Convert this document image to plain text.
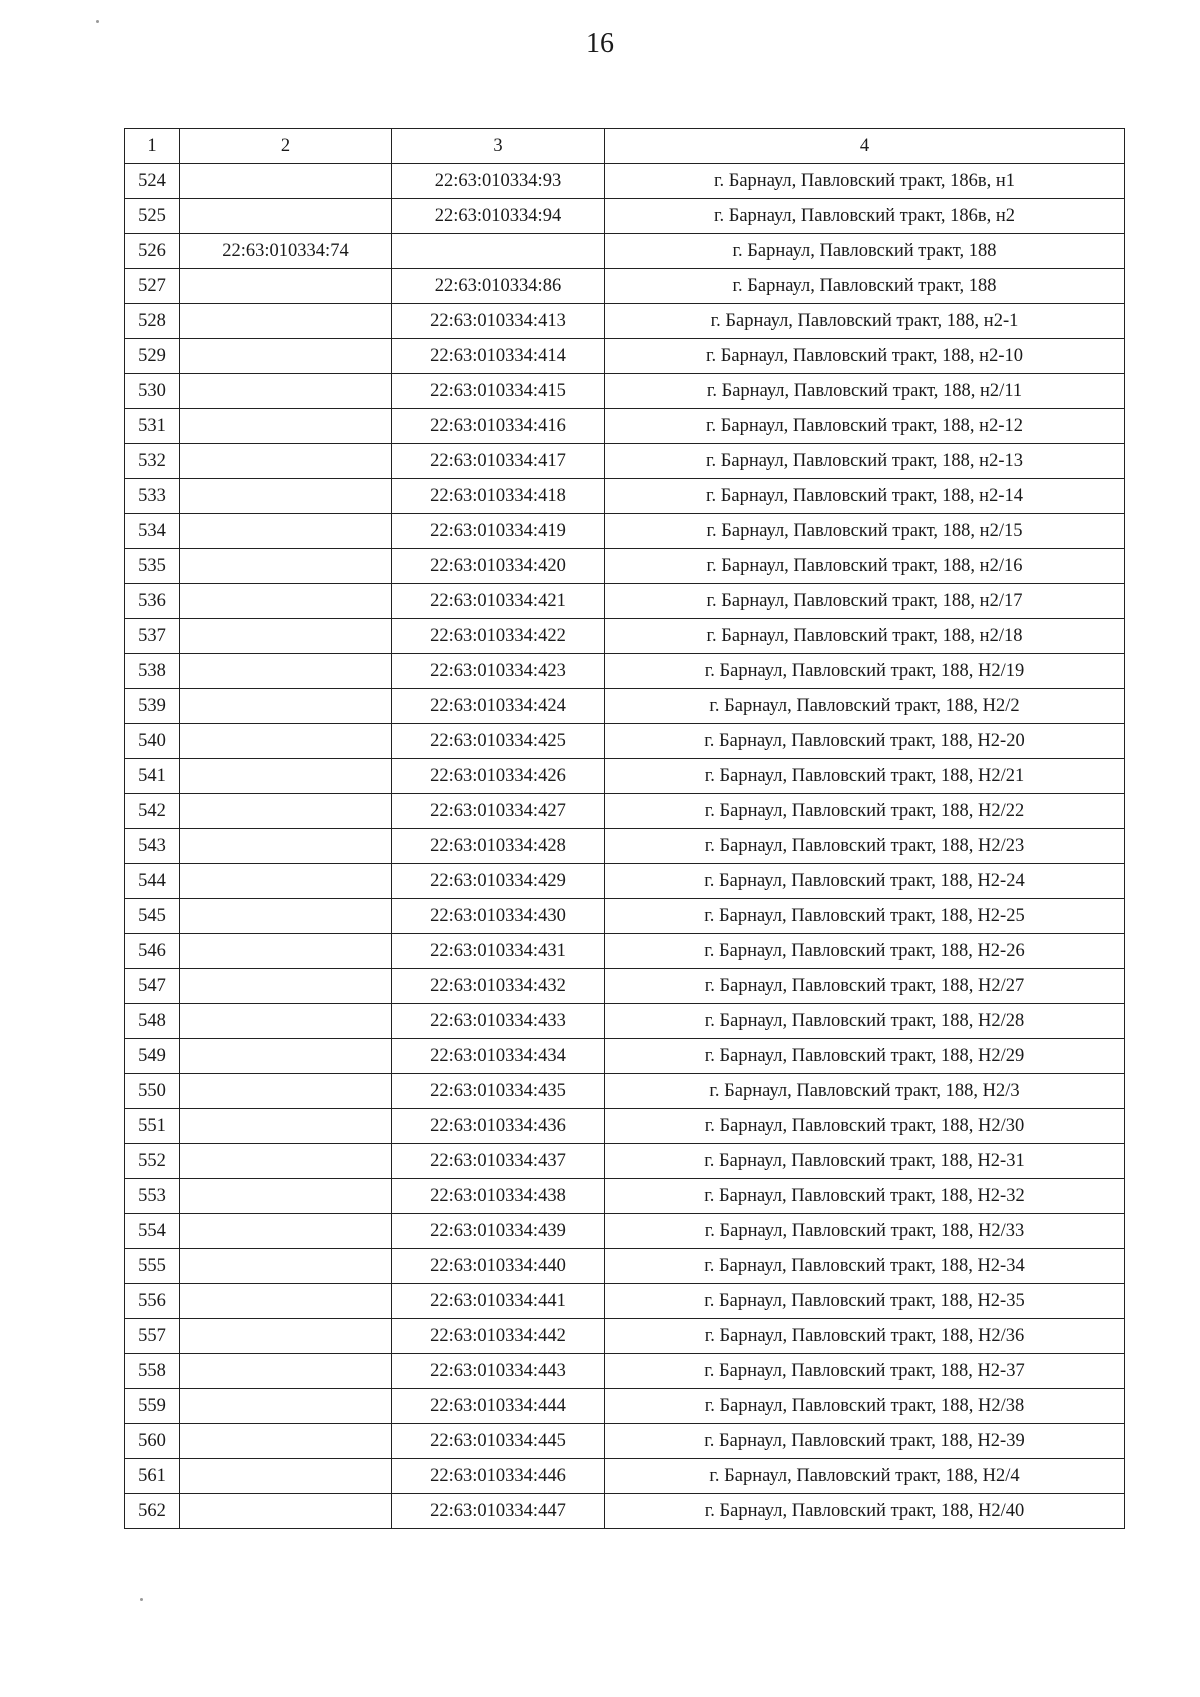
16
1	2	3	4
524		22:63:010334:93	г. Барнаул, Павловский тракт, 186в, н1
525		22:63:010334:94	г. Барнаул, Павловский тракт, 186в, н2
526	22:63:010334:74		г. Барнаул, Павловский тракт, 188
527		22:63:010334:86	г. Барнаул, Павловский тракт, 188
528		22:63:010334:413	г. Барнаул, Павловский тракт, 188, н2-1
529		22:63:010334:414	г. Барнаул, Павловский тракт, 188, н2-10
530		22:63:010334:415	г. Барнаул, Павловский тракт, 188, н2/11
531		22:63:010334:416	г. Барнаул, Павловский тракт, 188, н2-12
532		22:63:010334:417	г. Барнаул, Павловский тракт, 188, н2-13
533		22:63:010334:418	г. Барнаул, Павловский тракт, 188, н2-14
534		22:63:010334:419	г. Барнаул, Павловский тракт, 188, н2/15
535		22:63:010334:420	г. Барнаул, Павловский тракт, 188, н2/16
536		22:63:010334:421	г. Барнаул, Павловский тракт, 188, н2/17
537		22:63:010334:422	г. Барнаул, Павловский тракт, 188, н2/18
538		22:63:010334:423	г. Барнаул, Павловский тракт, 188, Н2/19
539		22:63:010334:424	г. Барнаул, Павловский тракт, 188, Н2/2
540		22:63:010334:425	г. Барнаул, Павловский тракт, 188, Н2-20
541		22:63:010334:426	г. Барнаул, Павловский тракт, 188, Н2/21
542		22:63:010334:427	г. Барнаул, Павловский тракт, 188, Н2/22
543		22:63:010334:428	г. Барнаул, Павловский тракт, 188, Н2/23
544		22:63:010334:429	г. Барнаул, Павловский тракт, 188, Н2-24
545		22:63:010334:430	г. Барнаул, Павловский тракт, 188, Н2-25
546		22:63:010334:431	г. Барнаул, Павловский тракт, 188, Н2-26
547		22:63:010334:432	г. Барнаул, Павловский тракт, 188, Н2/27
548		22:63:010334:433	г. Барнаул, Павловский тракт, 188, Н2/28
549		22:63:010334:434	г. Барнаул, Павловский тракт, 188, Н2/29
550		22:63:010334:435	г. Барнаул, Павловский тракт, 188, Н2/3
551		22:63:010334:436	г. Барнаул, Павловский тракт, 188, Н2/30
552		22:63:010334:437	г. Барнаул, Павловский тракт, 188, Н2-31
553		22:63:010334:438	г. Барнаул, Павловский тракт, 188, Н2-32
554		22:63:010334:439	г. Барнаул, Павловский тракт, 188, Н2/33
555		22:63:010334:440	г. Барнаул, Павловский тракт, 188, Н2-34
556		22:63:010334:441	г. Барнаул, Павловский тракт, 188, Н2-35
557		22:63:010334:442	г. Барнаул, Павловский тракт, 188, Н2/36
558		22:63:010334:443	г. Барнаул, Павловский тракт, 188, Н2-37
559		22:63:010334:444	г. Барнаул, Павловский тракт, 188, Н2/38
560		22:63:010334:445	г. Барнаул, Павловский тракт, 188, Н2-39
561		22:63:010334:446	г. Барнаул, Павловский тракт, 188, Н2/4
562		22:63:010334:447	г. Барнаул, Павловский тракт, 188, Н2/40
